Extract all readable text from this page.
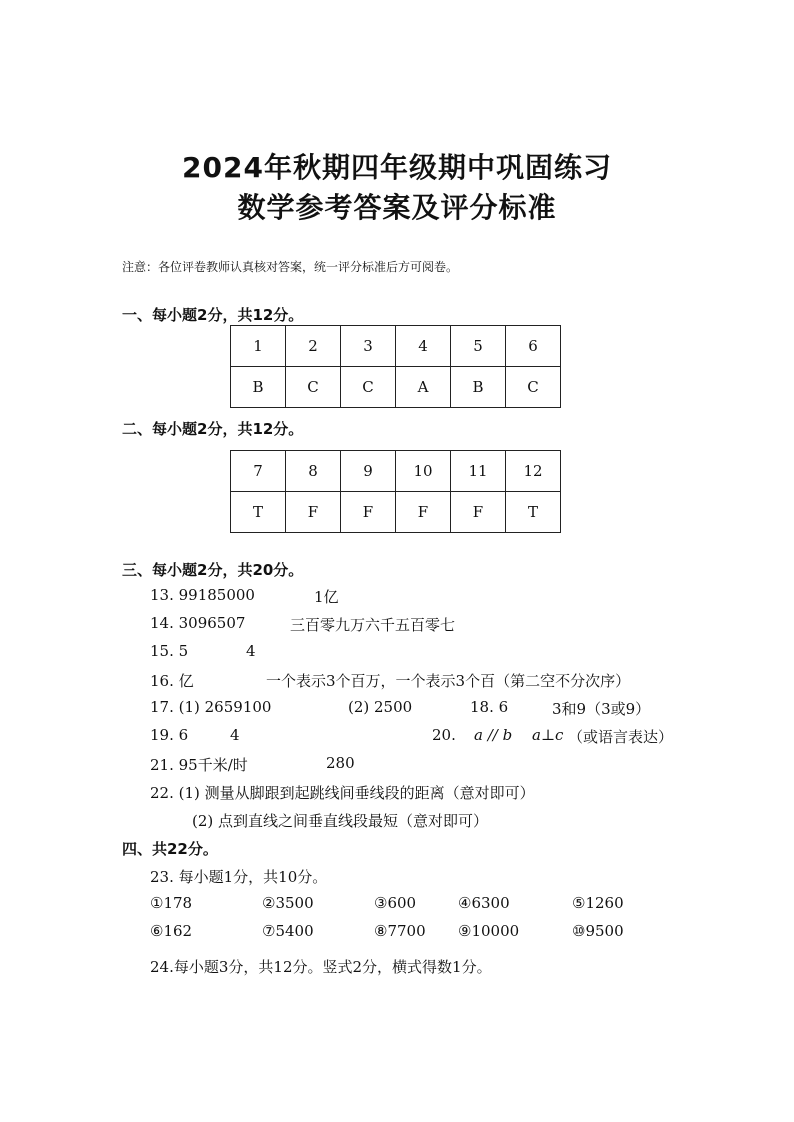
2024年秋期四年级期中巩固练习
数学参考答案及评分标准
注意：各位评卷教师认真核对答案，统一评分标准后方可阅卷。
一、每小题2分，共12分。
1	2	3	4	5	6
B	C	C	A	B	C
二、每小题2分，共12分。
7	8	9	10	11	12
T	F	F	F	F	T
三、每小题2分，共20分。
13. 99185000	1亿
14. 3096507	三百零九万六千五百零七
15. 5	4
16. 亿	一个表示3个百万，一个表示3个百（第二空不分次序）
17. (1) 2659100	(2) 2500	18. 6	3和9（3或9）
19. 6	4	20. a // b a⊥c （或语言表达）
21. 95千米/时	280
22. (1) 测量从脚跟到起跳线间垂线段的距离（意对即可）
(2) 点到直线之间垂直线段最短（意对即可）
四、共22分。
23. 每小题1分，共10分。
①178	②3500	③600	④6300	⑤1260
⑥162	⑦5400	⑧7700 ⑨10000	⑩9500
24.每小题3分，共12分。竖式2分，横式得数1分。
